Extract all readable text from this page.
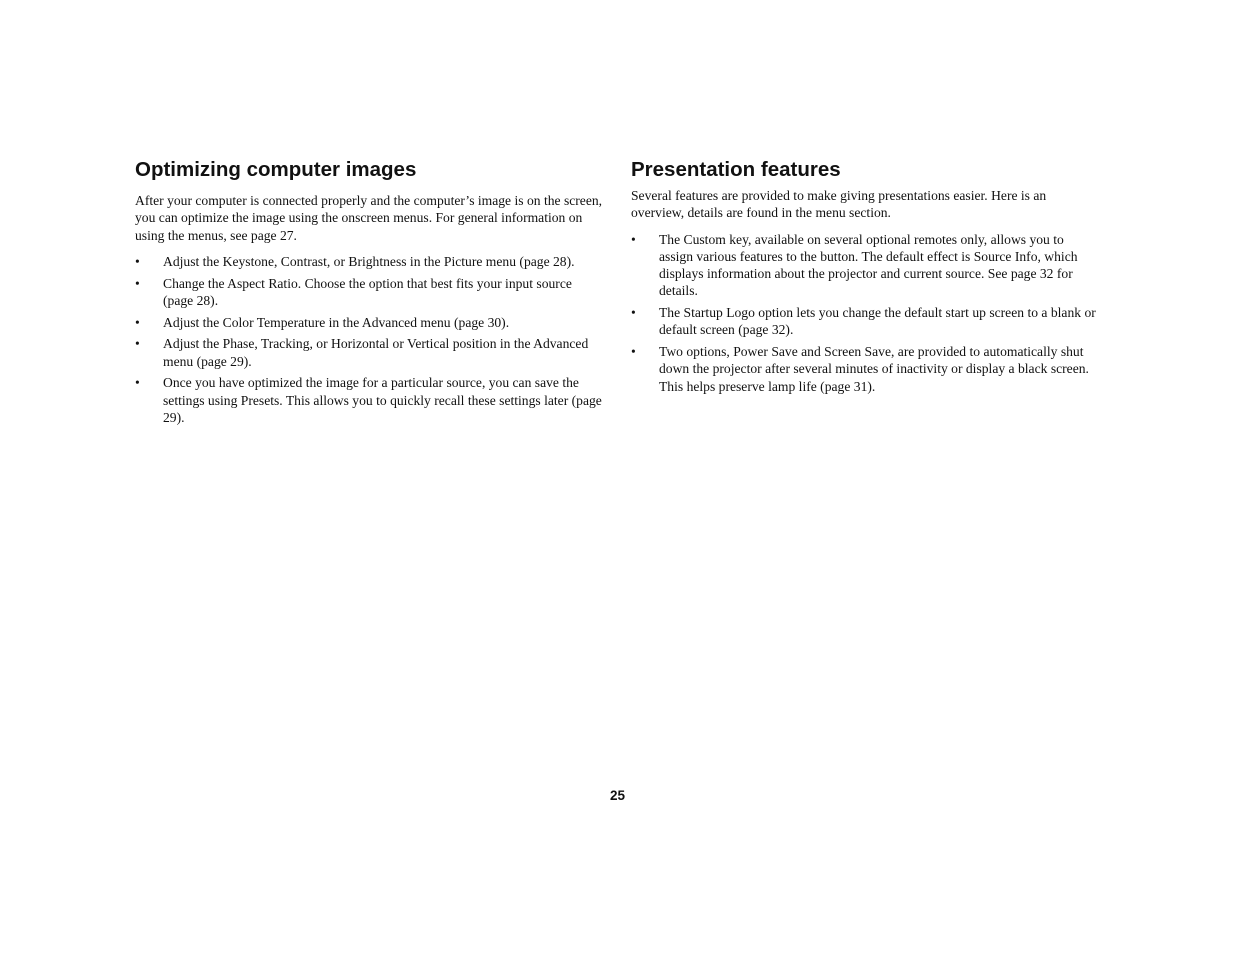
Optimizing computer images

After your computer is connected properly and the computer’s image is on the screen, you can optimize the image using the onscreen menus. For general information on using the menus, see page 27.

•	Adjust the Keystone, Contrast, or Brightness in the Picture menu (page 28).
•	Change the Aspect Ratio. Choose the option that best fits your input source (page 28).
•	Adjust the Color Temperature in the Advanced menu (page 30).
•	Adjust the Phase, Tracking, or Horizontal or Vertical position in the Advanced menu (page 29).
•	Once you have optimized the image for a particular source, you can save the settings using Presets. This allows you to quickly recall these settings later (page 29).
Presentation features

Several features are provided to make giving presentations easier. Here is an overview, details are found in the menu section.

•	The Custom key, available on several optional remotes only, allows you to assign various features to the button. The default effect is Source Info, which displays information about the projector and current source. See page 32 for details.
•	The Startup Logo option lets you change the default start up screen to a blank or default screen (page 32).
•	Two options, Power Save and Screen Save, are provided to automatically shut down the projector after several minutes of inactivity or display a black screen. This helps preserve lamp life (page 31).
25
